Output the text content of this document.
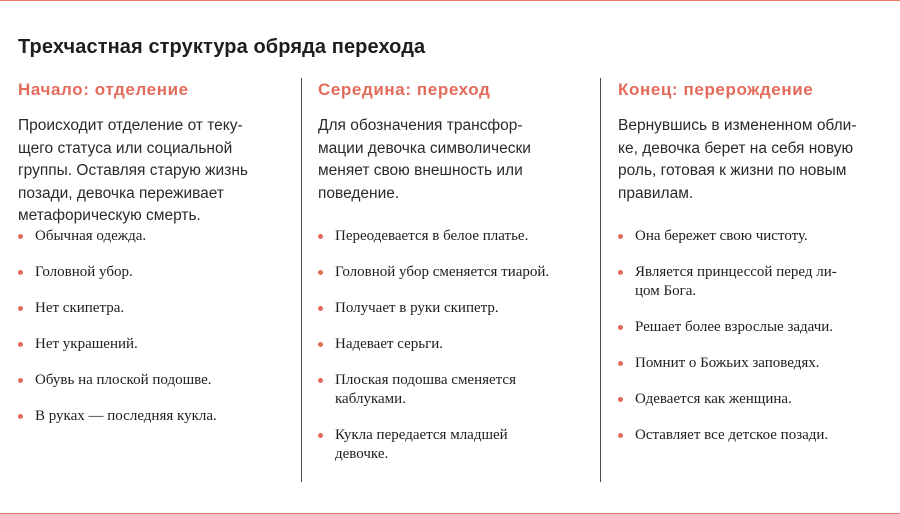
Трехчастная структура обряда перехода
Начало: отделение
Происходит отделение от теку-
щего статуса или социальной
группы. Оставляя старую жизнь
позади, девочка переживает
метафорическую смерть.
Обычная одежда.
Головной убор.
Нет скипетра.
Нет украшений.
Обувь на плоской подошве.
В руках — последняя кукла.
Середина: переход
Для обозначения трансфор-
мации девочка символически
меняет свою внешность или
поведение.
Переодевается в белое платье.
Головной убор сменяется тиарой.
Получает в руки скипетр.
Надевает серьги.
Плоская подошва сменяется
каблуками.
Кукла передается младшей
девочке.
Конец: перерождение
Вернувшись в измененном обли-
ке, девочка берет на себя новую
роль, готовая к жизни по новым
правилам.
Она бережет свою чистоту.
Является принцессой перед ли-
цом Бога.
Решает более взрослые задачи.
Помнит о Божьих заповедях.
Одевается как женщина.
Оставляет все детское позади.
